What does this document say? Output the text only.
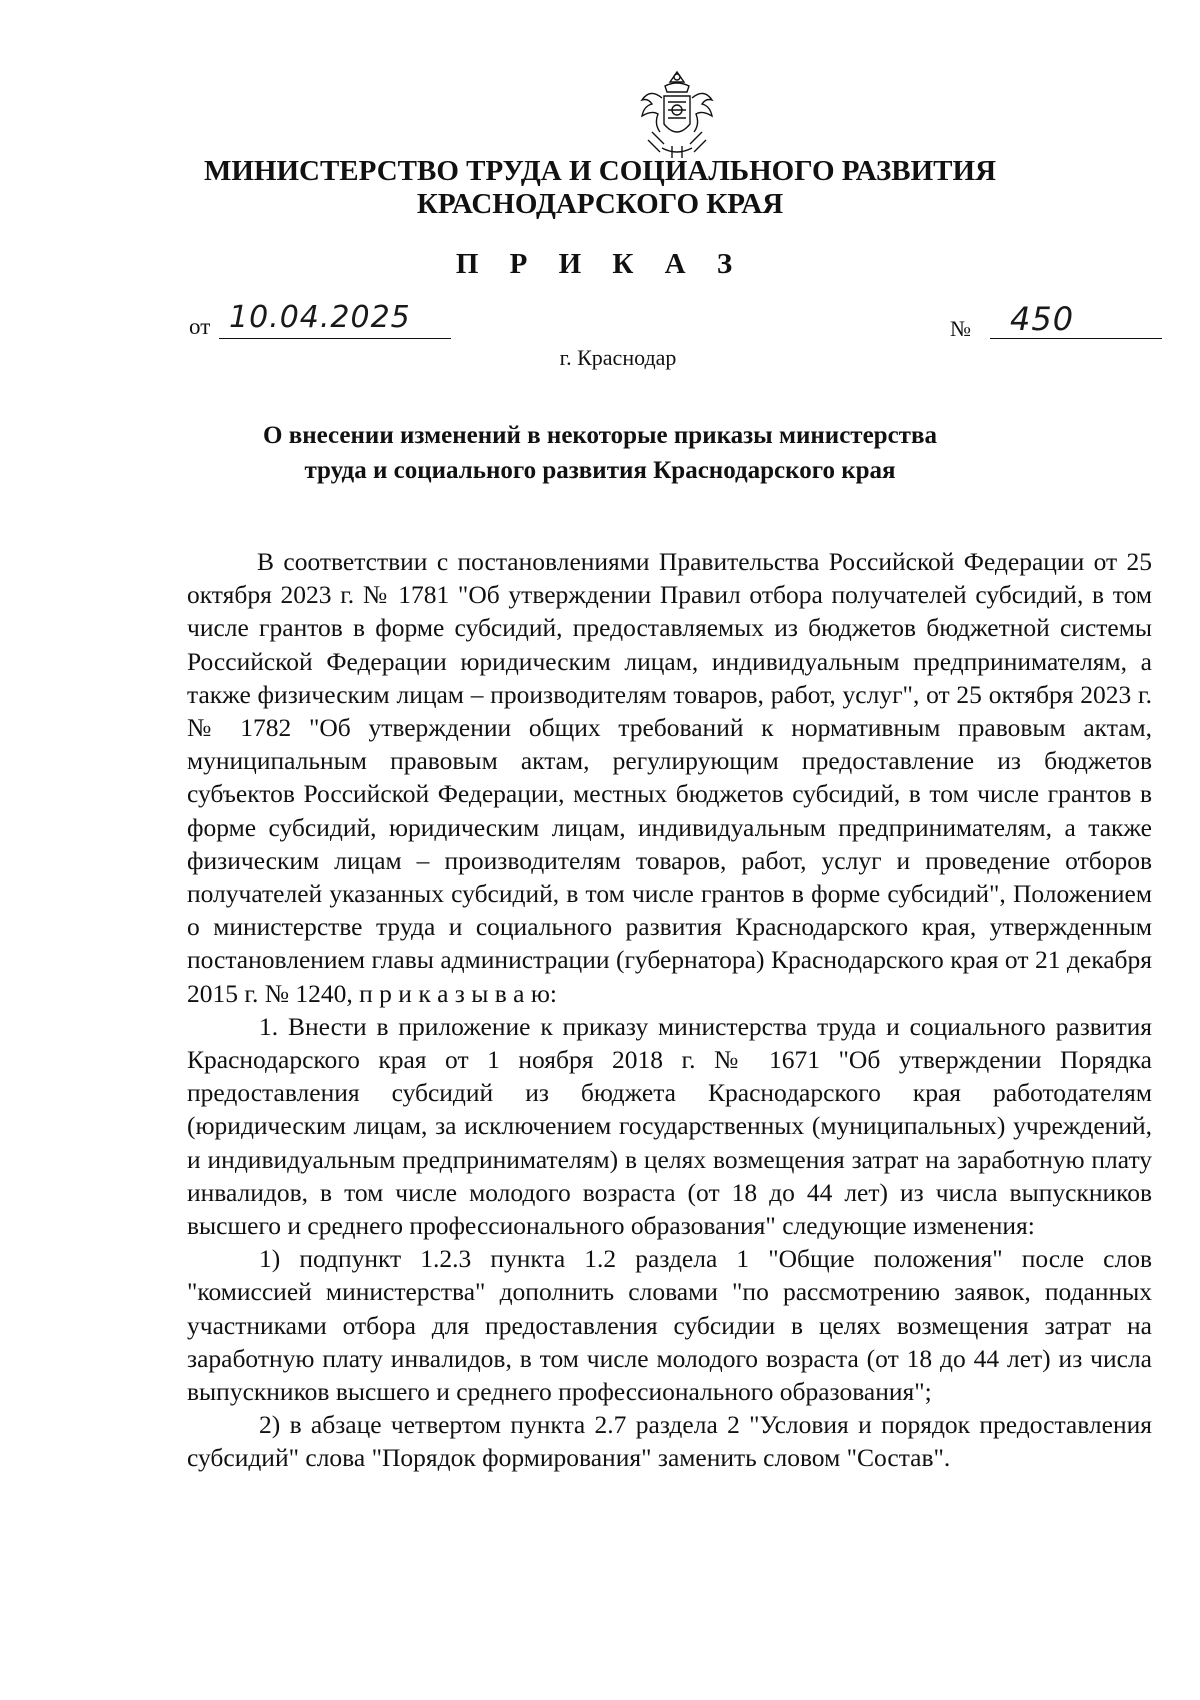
МИНИСТЕРСТВО ТРУДА И СОЦИАЛЬНОГО РАЗВИТИЯ
КРАСНОДАРСКОГО КРАЯ
П Р И К А З
от 10.04.2025	№ 450
г. Краснодар
О внесении изменений в некоторые приказы министерства
труда и социального развития Краснодарского края

В соответствии с постановлениями Правительства Российской Федерации от 25 октября 2023 г. № 1781 "Об утверждении Правил отбора получателей субсидий, в том числе грантов в форме субсидий, предоставляемых из бюджетов бюджетной системы Российской Федерации юридическим лицам, индивидуальным предпринимателям, а также физическим лицам – производителям товаров, работ, услуг", от 25 октября 2023 г. № 1782 "Об утверждении общих требований к нормативным правовым актам, муниципальным правовым актам, регулирующим предоставление из бюджетов субъектов Российской Федерации, местных бюджетов субсидий, в том числе грантов в форме субсидий, юридическим лицам, индивидуальным предпринимателям, а также физическим лицам – производителям товаров, работ, услуг и проведение отборов получателей указанных субсидий, в том числе грантов в форме субсидий", Положением о министерстве труда и социального развития Краснодарского края, утвержденным постановлением главы администрации (губернатора) Краснодарского края от 21 декабря 2015 г. № 1240, п р и к а з ы в а ю:

1. Внести в приложение к приказу министерства труда и социального развития Краснодарского края от 1 ноября 2018 г. № 1671 "Об утверждении Порядка предоставления субсидий из бюджета Краснодарского края работодателям (юридическим лицам, за исключением государственных (муниципальных) учреждений, и индивидуальным предпринимателям) в целях возмещения затрат на заработную плату инвалидов, в том числе молодого возраста (от 18 до 44 лет) из числа выпускников высшего и среднего профессионального образования" следующие изменения:

1) подпункт 1.2.3 пункта 1.2 раздела 1 "Общие положения" после слов "комиссией министерства" дополнить словами "по рассмотрению заявок, поданных участниками отбора для предоставления субсидии в целях возмещения затрат на заработную плату инвалидов, в том числе молодого возраста (от 18 до 44 лет) из числа выпускников высшего и среднего профессионального образования";

2) в абзаце четвертом пункта 2.7 раздела 2 "Условия и порядок предоставления субсидий" слова "Порядок формирования" заменить словом "Состав".
